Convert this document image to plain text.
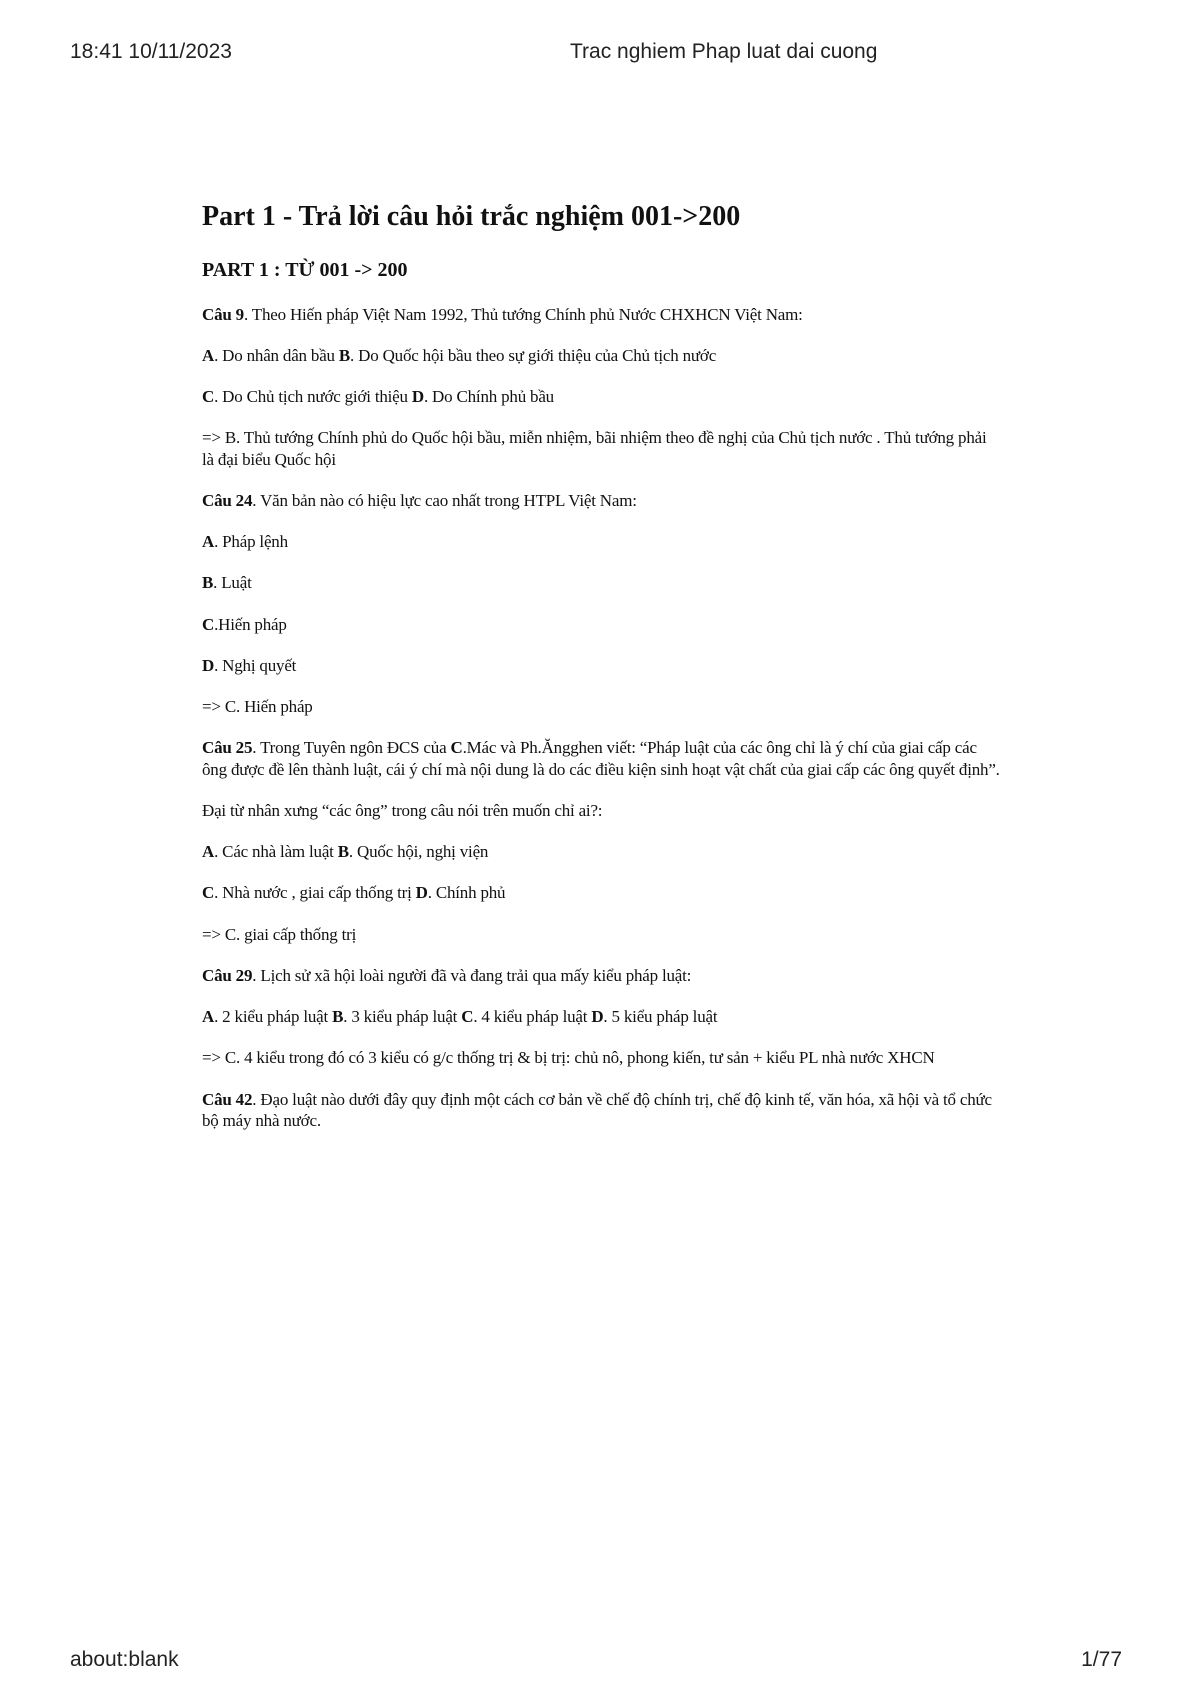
18:41 10/11/2023	Trac nghiem Phap luat dai cuong
Part 1 - Trả lời câu hỏi trắc nghiệm 001->200
PART 1 : TỪ 001 -> 200

Câu 9. Theo Hiến pháp Việt Nam 1992, Thủ tướng Chính phủ Nước CHXHCN Việt Nam:

A. Do nhân dân bầu B. Do Quốc hội bầu theo sự giới thiệu của Chủ tịch nước

C. Do Chủ tịch nước giới thiệu D. Do Chính phủ bầu

=> B. Thủ tướng Chính phủ do Quốc hội bầu, miễn nhiệm, bãi nhiệm theo đề nghị của Chủ tịch nước . Thủ tướng phải là đại biểu Quốc hội

Câu 24. Văn bản nào có hiệu lực cao nhất trong HTPL Việt Nam:

A. Pháp lệnh

B. Luật

C.Hiến pháp

D. Nghị quyết

=> C. Hiến pháp

Câu 25. Trong Tuyên ngôn ĐCS của C.Mác và Ph.Ăngghen viết: “Pháp luật của các ông chỉ là ý chí của giai cấp các ông được đề lên thành luật, cái ý chí mà nội dung là do các điều kiện sinh hoạt vật chất của giai cấp các ông quyết định”.

Đại từ nhân xưng “các ông” trong câu nói trên muốn chỉ ai?:

A. Các nhà làm luật B. Quốc hội, nghị viện

C. Nhà nước , giai cấp thống trị D. Chính phủ

=> C. giai cấp thống trị

Câu 29. Lịch sử xã hội loài người đã và đang trải qua mấy kiểu pháp luật:

A. 2 kiểu pháp luật B. 3 kiểu pháp luật C. 4 kiểu pháp luật D. 5 kiểu pháp luật

=> C. 4 kiểu trong đó có 3 kiểu có g/c thống trị & bị trị: chủ nô, phong kiến, tư sản + kiểu PL nhà nước XHCN

Câu 42. Đạo luật nào dưới đây quy định một cách cơ bản về chế độ chính trị, chế độ kinh tế, văn hóa, xã hội và tổ chức bộ máy nhà nước.

about:blank	1/77
